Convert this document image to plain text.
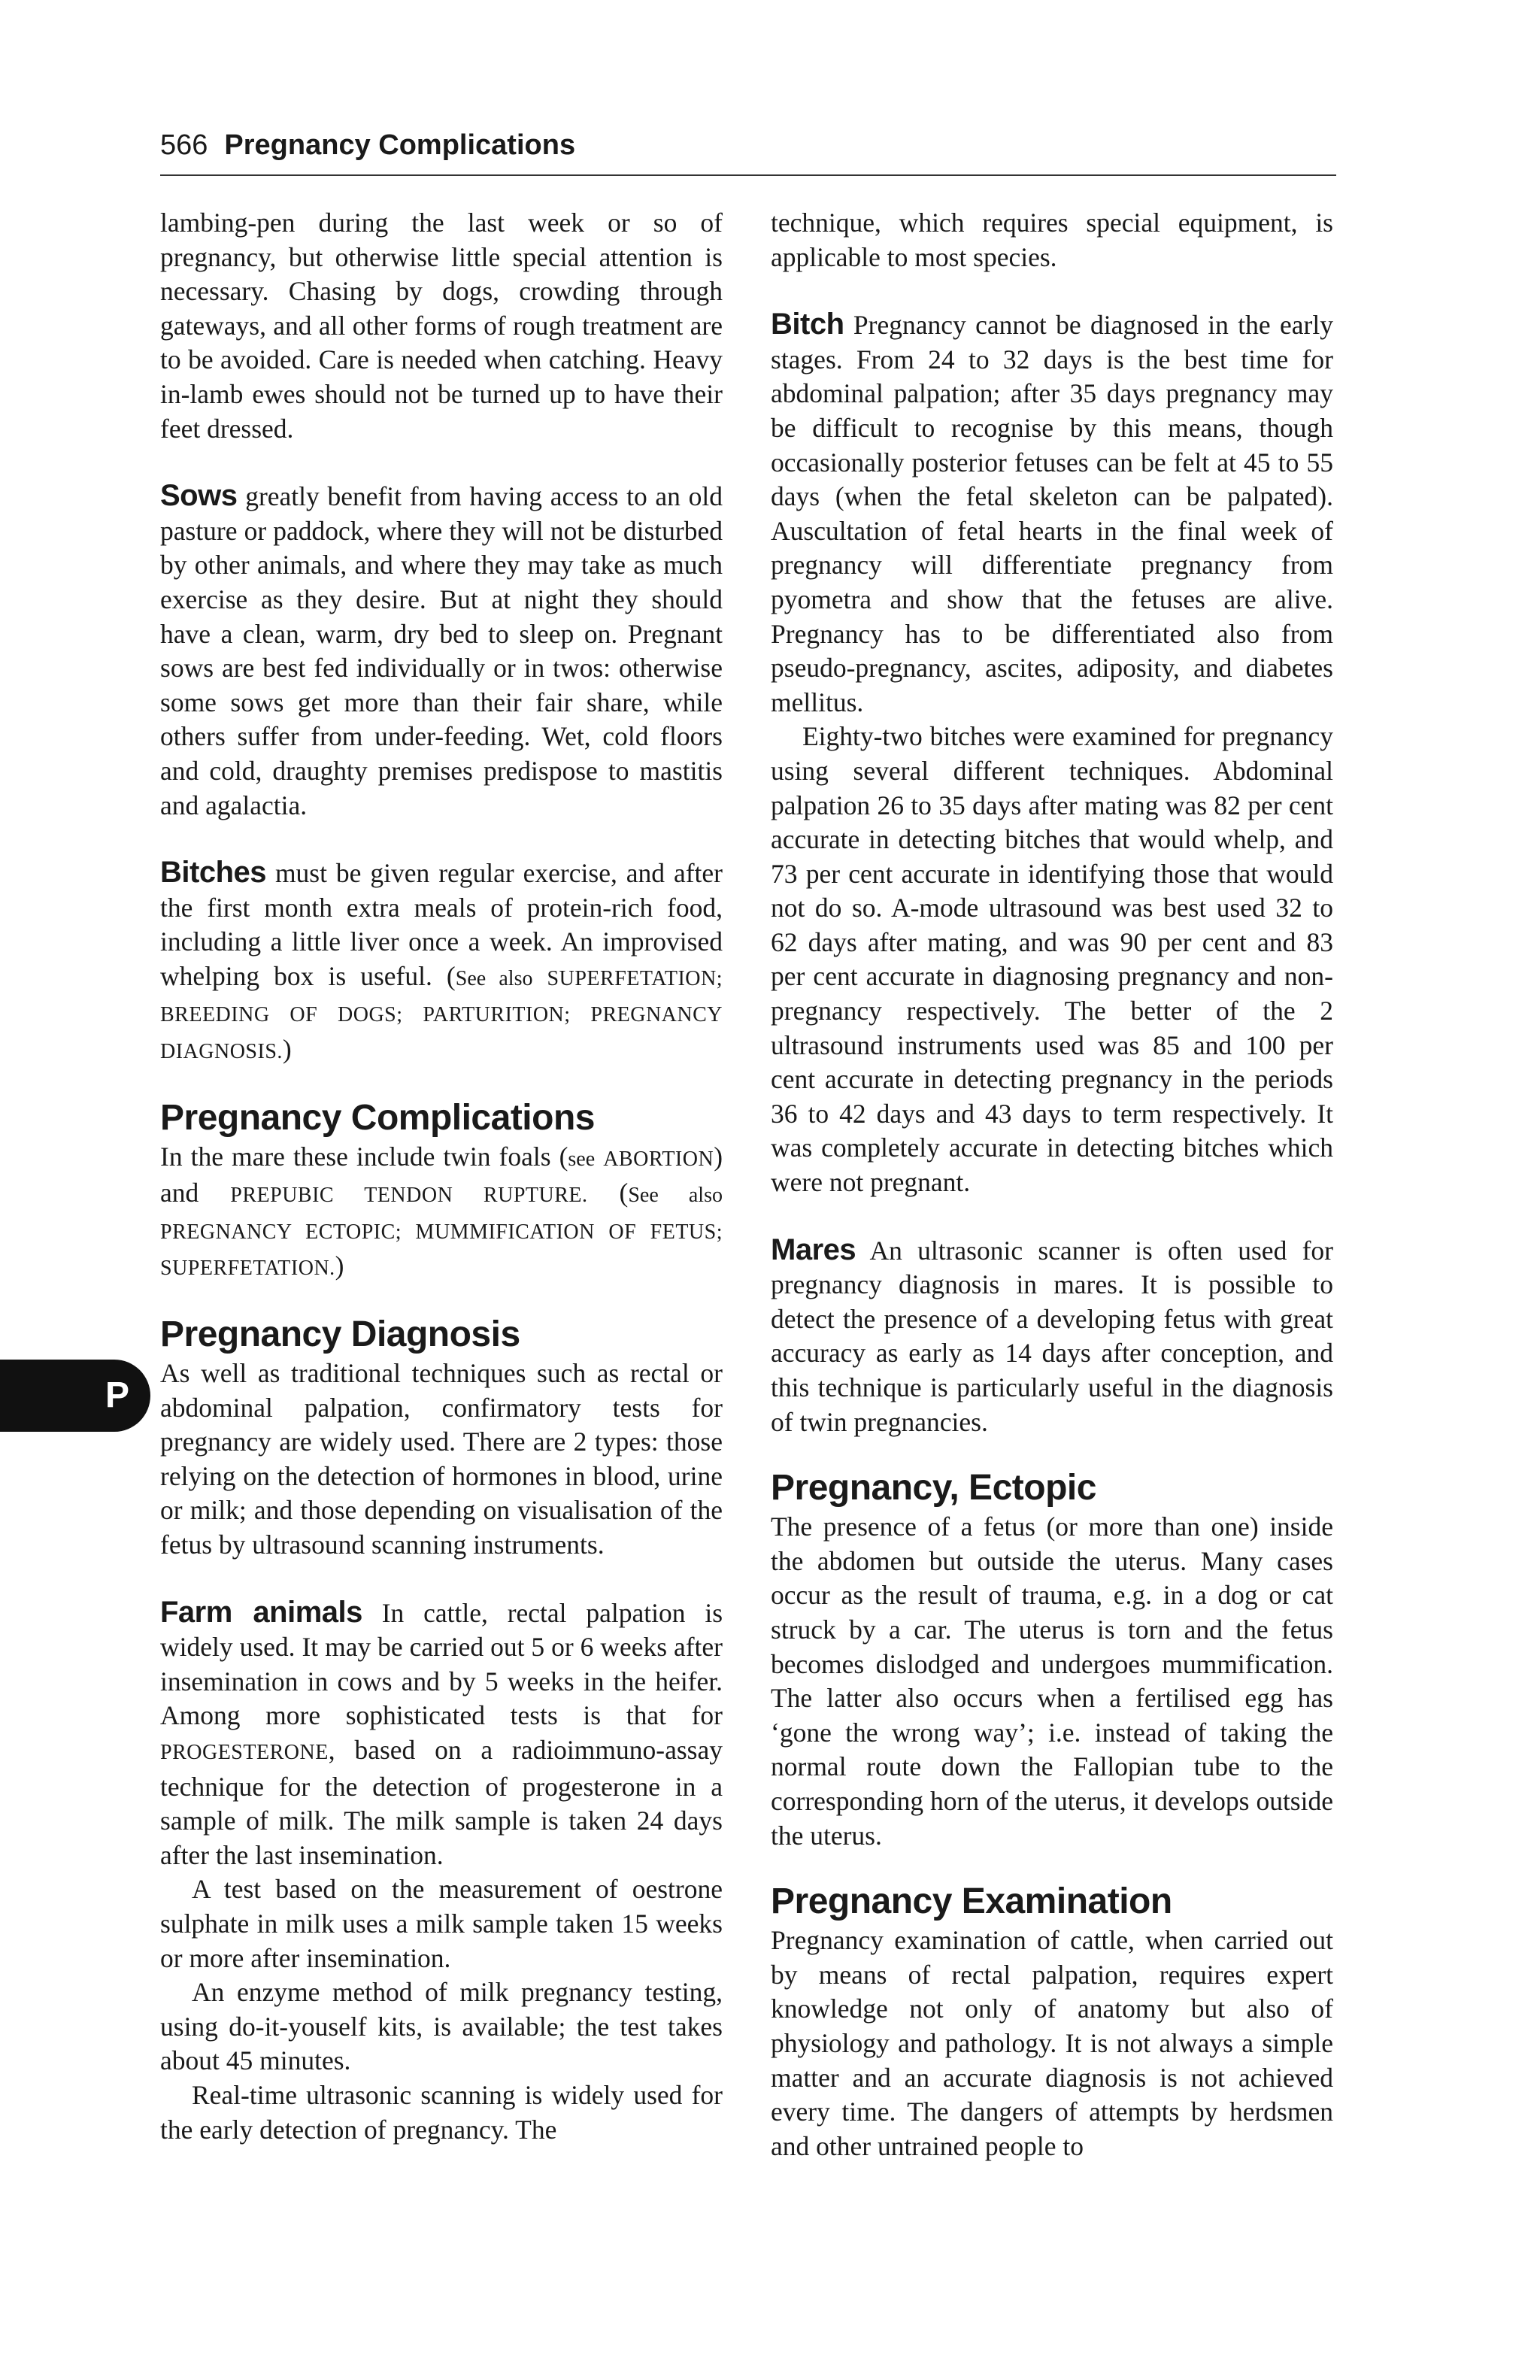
566 Pregnancy Complications
P

lambing-pen during the last week or so of pregnancy, but otherwise little special attention is necessary. Chasing by dogs, crowding through gateways, and all other forms of rough treatment are to be avoided. Care is needed when catching. Heavy in-lamb ewes should not be turned up to have their feet dressed.

Sows greatly benefit from having access to an old pasture or paddock, where they will not be disturbed by other animals, and where they may take as much exercise as they desire. But at night they should have a clean, warm, dry bed to sleep on. Pregnant sows are best fed individually or in twos: otherwise some sows get more than their fair share, while others suffer from under-feeding. Wet, cold floors and cold, draughty premises predispose to mastitis and agalactia.

Bitches must be given regular exercise, and after the first month extra meals of protein-rich food, including a little liver once a week. An improvised whelping box is useful. (See also SUPERFETATION; BREEDING OF DOGS; PARTURITION; PREGNANCY DIAGNOSIS.)

Pregnancy Complications

In the mare these include twin foals (see ABORTION) and PREPUBIC TENDON RUPTURE. (See also PREGNANCY ECTOPIC; MUMMIFICATION OF FETUS; SUPERFETATION.)

Pregnancy Diagnosis

As well as traditional techniques such as rectal or abdominal palpation, confirmatory tests for pregnancy are widely used. There are 2 types: those relying on the detection of hormones in blood, urine or milk; and those depending on visualisation of the fetus by ultrasound scanning instruments.

Farm animals In cattle, rectal palpation is widely used. It may be carried out 5 or 6 weeks after insemination in cows and by 5 weeks in the heifer. Among more sophisticated tests is that for PROGESTERONE, based on a radioimmuno-assay technique for the detection of progesterone in a sample of milk. The milk sample is taken 24 days after the last insemination.

A test based on the measurement of oestrone sulphate in milk uses a milk sample taken 15 weeks or more after insemination.

An enzyme method of milk pregnancy testing, using do-it-youself kits, is available; the test takes about 45 minutes.

Real-time ultrasonic scanning is widely used for the early detection of pregnancy. The

technique, which requires special equipment, is applicable to most species.

Bitch Pregnancy cannot be diagnosed in the early stages. From 24 to 32 days is the best time for abdominal palpation; after 35 days pregnancy may be difficult to recognise by this means, though occasionally posterior fetuses can be felt at 45 to 55 days (when the fetal skeleton can be palpated). Auscultation of fetal hearts in the final week of pregnancy will differentiate pregnancy from pyometra and show that the fetuses are alive. Pregnancy has to be differentiated also from pseudo-pregnancy, ascites, adiposity, and diabetes mellitus.

Eighty-two bitches were examined for pregnancy using several different techniques. Abdominal palpation 26 to 35 days after mating was 82 per cent accurate in detecting bitches that would whelp, and 73 per cent accurate in identifying those that would not do so. A-mode ultrasound was best used 32 to 62 days after mating, and was 90 per cent and 83 per cent accurate in diagnosing pregnancy and non-pregnancy respectively. The better of the 2 ultrasound instruments used was 85 and 100 per cent accurate in detecting pregnancy in the periods 36 to 42 days and 43 days to term respectively. It was completely accurate in detecting bitches which were not pregnant.

Mares An ultrasonic scanner is often used for pregnancy diagnosis in mares. It is possible to detect the presence of a developing fetus with great accuracy as early as 14 days after conception, and this technique is particularly useful in the diagnosis of twin pregnancies.

Pregnancy, Ectopic

The presence of a fetus (or more than one) inside the abdomen but outside the uterus. Many cases occur as the result of trauma, e.g. in a dog or cat struck by a car. The uterus is torn and the fetus becomes dislodged and undergoes mummification. The latter also occurs when a fertilised egg has ‘gone the wrong way’; i.e. instead of taking the normal route down the Fallopian tube to the corresponding horn of the uterus, it develops outside the uterus.

Pregnancy Examination

Pregnancy examination of cattle, when carried out by means of rectal palpation, requires expert knowledge not only of anatomy but also of physiology and pathology. It is not always a simple matter and an accurate diagnosis is not achieved every time. The dangers of attempts by herdsmen and other untrained people to
